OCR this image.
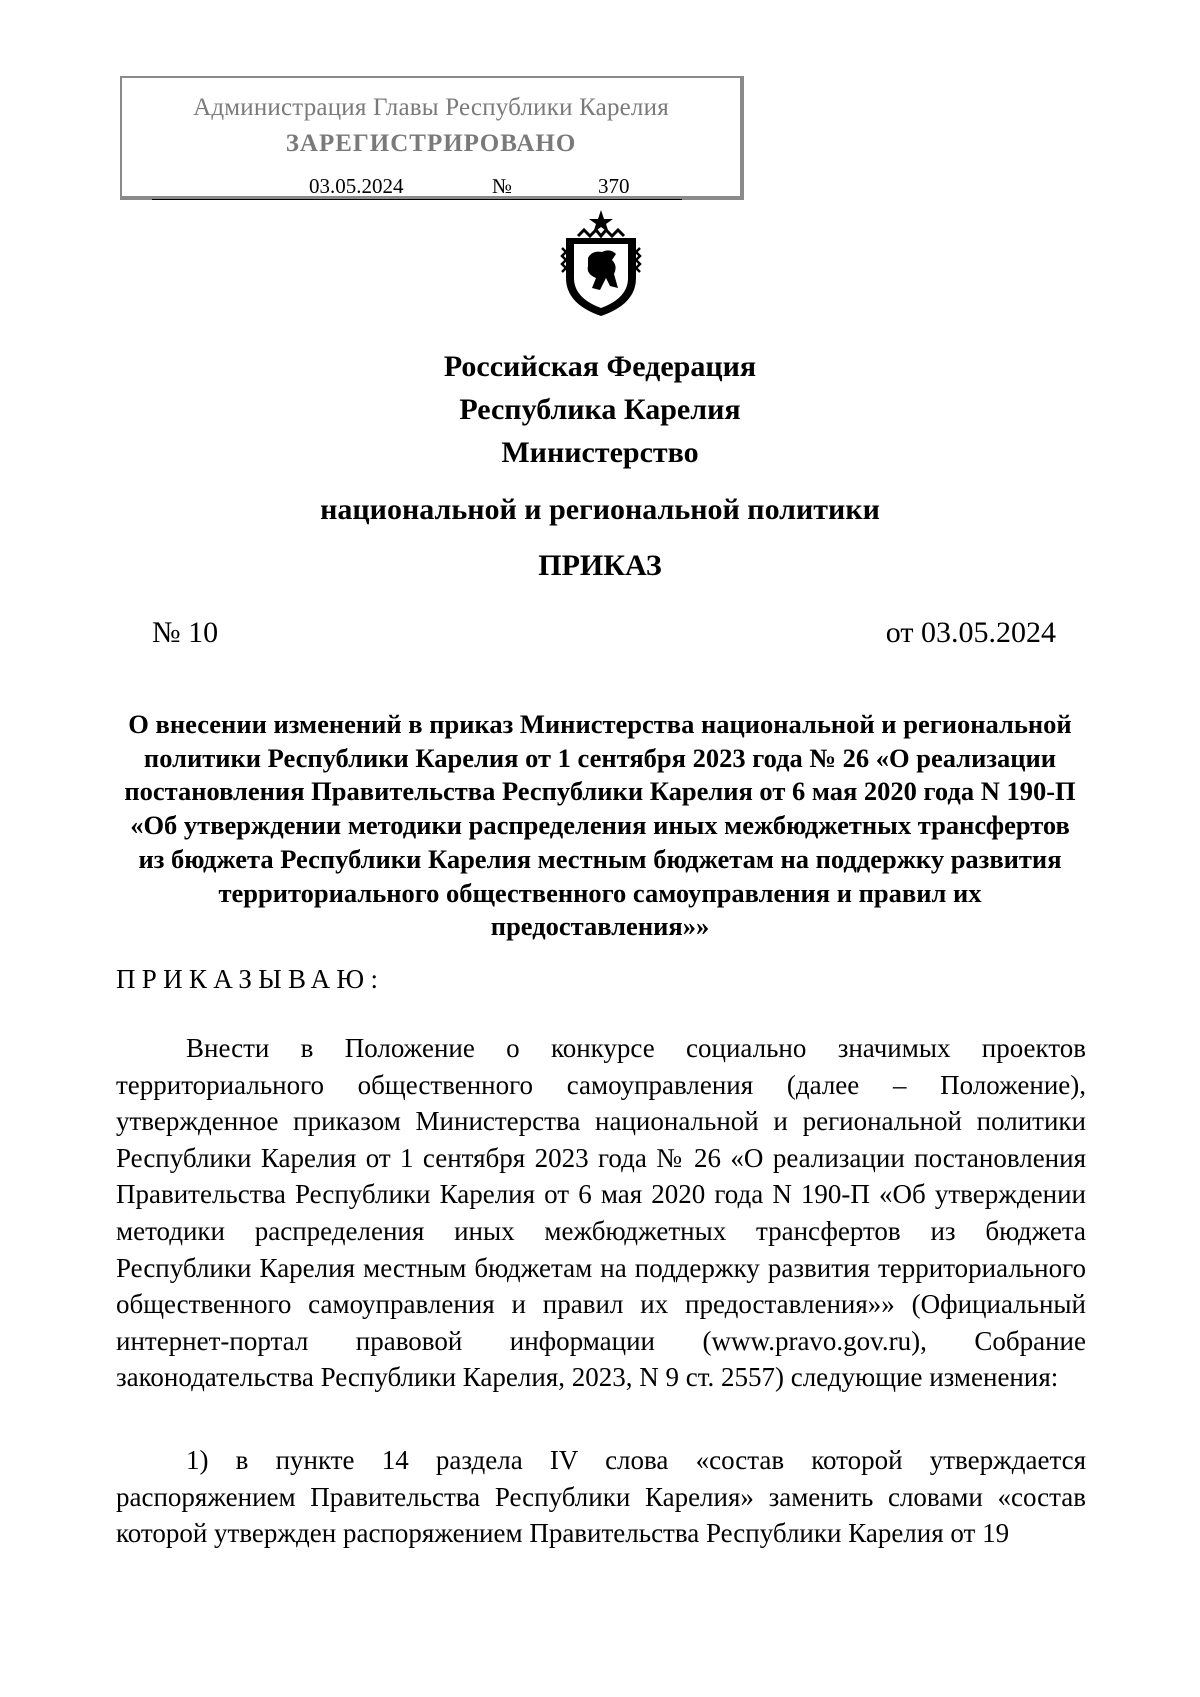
Администрация Главы Республики Карелия
ЗАРЕГИСТРИРОВАНО
03.05.2024	№	370
Российская Федерация
Республика Карелия
Министерство
национальной и региональной политики
ПРИКАЗ
№ 10	от 03.05.2024
О внесении изменений в приказ Министерства национальной и региональной политики Республики Карелия от 1 сентября 2023 года № 26 «О реализации постановления Правительства Республики Карелия от 6 мая 2020 года N 190-П «Об утверждении методики распределения иных межбюджетных трансфертов из бюджета Республики Карелия местным бюджетам на поддержку развития территориального общественного самоуправления и правил их предоставления»»
ПРИКАЗЫВАЮ:
Внести в Положение о конкурсе социально значимых проектов территориального общественного самоуправления (далее – Положение), утвержденное приказом Министерства национальной и региональной политики Республики Карелия от 1 сентября 2023 года № 26 «О реализации постановления Правительства Республики Карелия от 6 мая 2020 года N 190-П «Об утверждении методики распределения иных межбюджетных трансфертов из бюджета Республики Карелия местным бюджетам на поддержку развития территориального общественного самоуправления и правил их предоставления»» (Официальный интернет-портал правовой информации (www.pravo.gov.ru), Собрание законодательства Республики Карелия, 2023, N 9 ст. 2557) следующие изменения:
1) в пункте 14 раздела IV слова «состав которой утверждается распоряжением Правительства Республики Карелия» заменить словами «состав которой утвержден распоряжением Правительства Республики Карелия от 19
